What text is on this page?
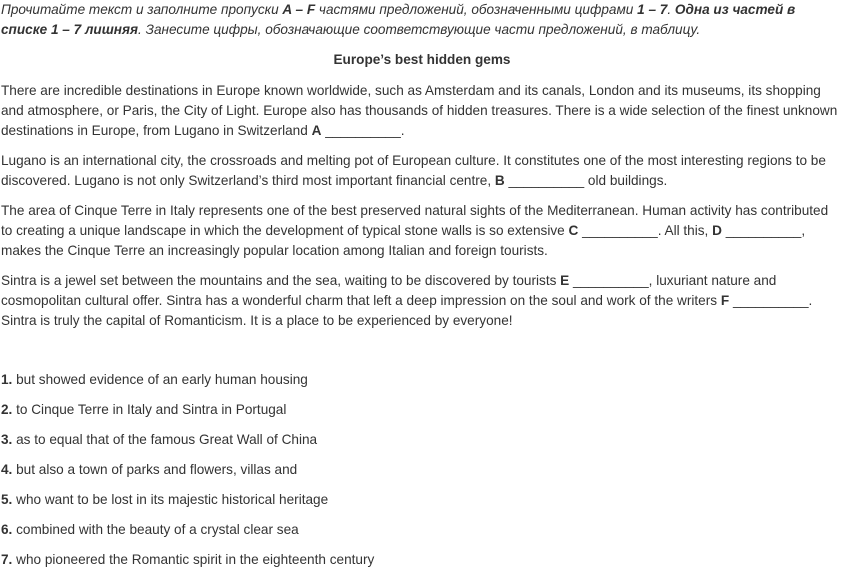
Прочитайте текст и заполните пропуски A – F частями предложений, обозначенными цифрами 1 – 7. Одна из частей в списке 1 – 7 лишняя. Занесите цифры, обозначающие соответствующие части предложений, в таблицу.

Europe’s best hidden gems

There are incredible destinations in Europe known worldwide, such as Amsterdam and its canals, London and its museums, its shopping and atmosphere, or Paris, the City of Light. Europe also has thousands of hidden treasures. There is a wide selection of the finest unknown destinations in Europe, from Lugano in Switzerland A __________.

Lugano is an international city, the crossroads and melting pot of European culture. It constitutes one of the most interesting regions to be discovered. Lugano is not only Switzerland’s third most important financial centre, B __________ old buildings.

The area of Cinque Terre in Italy represents one of the best preserved natural sights of the Mediterranean. Human activity has contributed to creating a unique landscape in which the development of typical stone walls is so extensive C __________. All this, D __________, makes the Cinque Terre an increasingly popular location among Italian and foreign tourists.

Sintra is a jewel set between the mountains and the sea, waiting to be discovered by tourists E __________, luxuriant nature and cosmopolitan cultural offer. Sintra has a wonderful charm that left a deep impression on the soul and work of the writers F __________. Sintra is truly the capital of Romanticism. It is a place to be experienced by everyone!

1. but showed evidence of an early human housing
2. to Cinque Terre in Italy and Sintra in Portugal
3. as to equal that of the famous Great Wall of China
4. but also a town of parks and flowers, villas and
5. who want to be lost in its majestic historical heritage
6. combined with the beauty of a crystal clear sea
7. who pioneered the Romantic spirit in the eighteenth century
